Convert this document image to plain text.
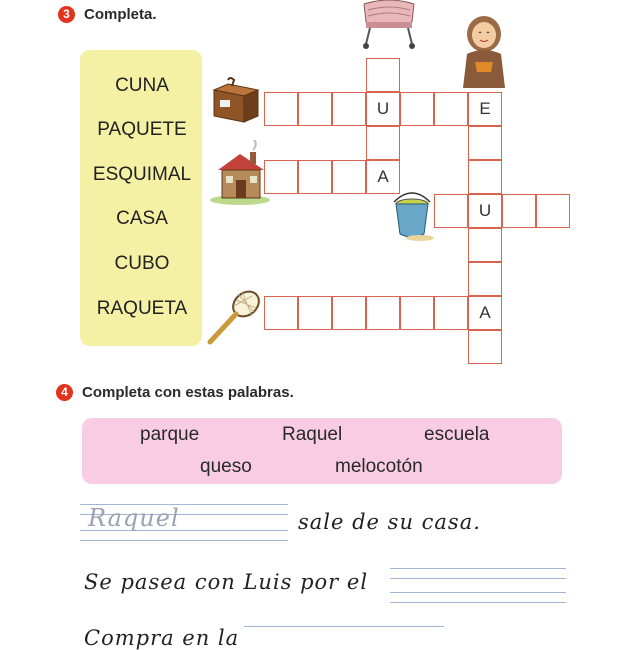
3 Completa.
CUNA
PAQUETE
ESQUIMAL
CASA
CUBO
RAQUETA
U	E
A
U
A
4 Completa con estas palabras.
parque	Raquel	escuela
queso	melocotón
Raquel	sale de su casa.
Se pasea con Luis por el
Compra en la
